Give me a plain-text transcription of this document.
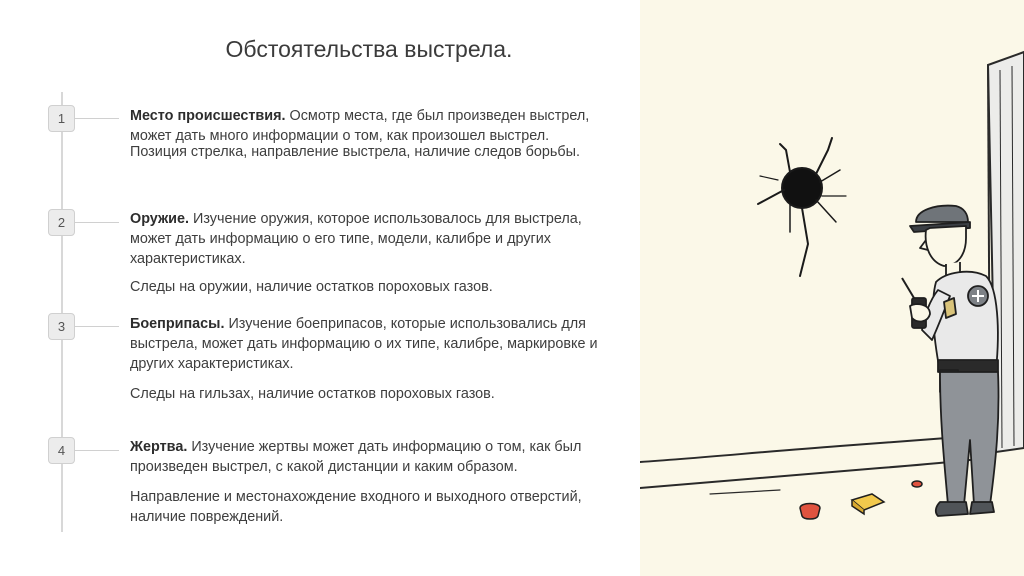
Обстоятельства выстрела.
1	Место происшествия. Осмотр места, где был произведен выстрел, может дать много информации о том, как произошел выстрел.

Позиция стрелка, направление выстрела, наличие следов борьбы.

2	Оружие. Изучение оружия, которое использовалось для выстрела, может дать информацию о его типе, модели, калибре и других характеристиках.

Следы на оружии, наличие остатков пороховых газов.

3	Боеприпасы. Изучение боеприпасов, которые использовались для выстрела, может дать информацию о их типе, калибре, маркировке и других характеристиках.

Следы на гильзах, наличие остатков пороховых газов.

4	Жертва. Изучение жертвы может дать информацию о том, как был произведен выстрел, с какой дистанции и каким образом.

Направление и местонахождение входного и выходного отверстий, наличие повреждений.
